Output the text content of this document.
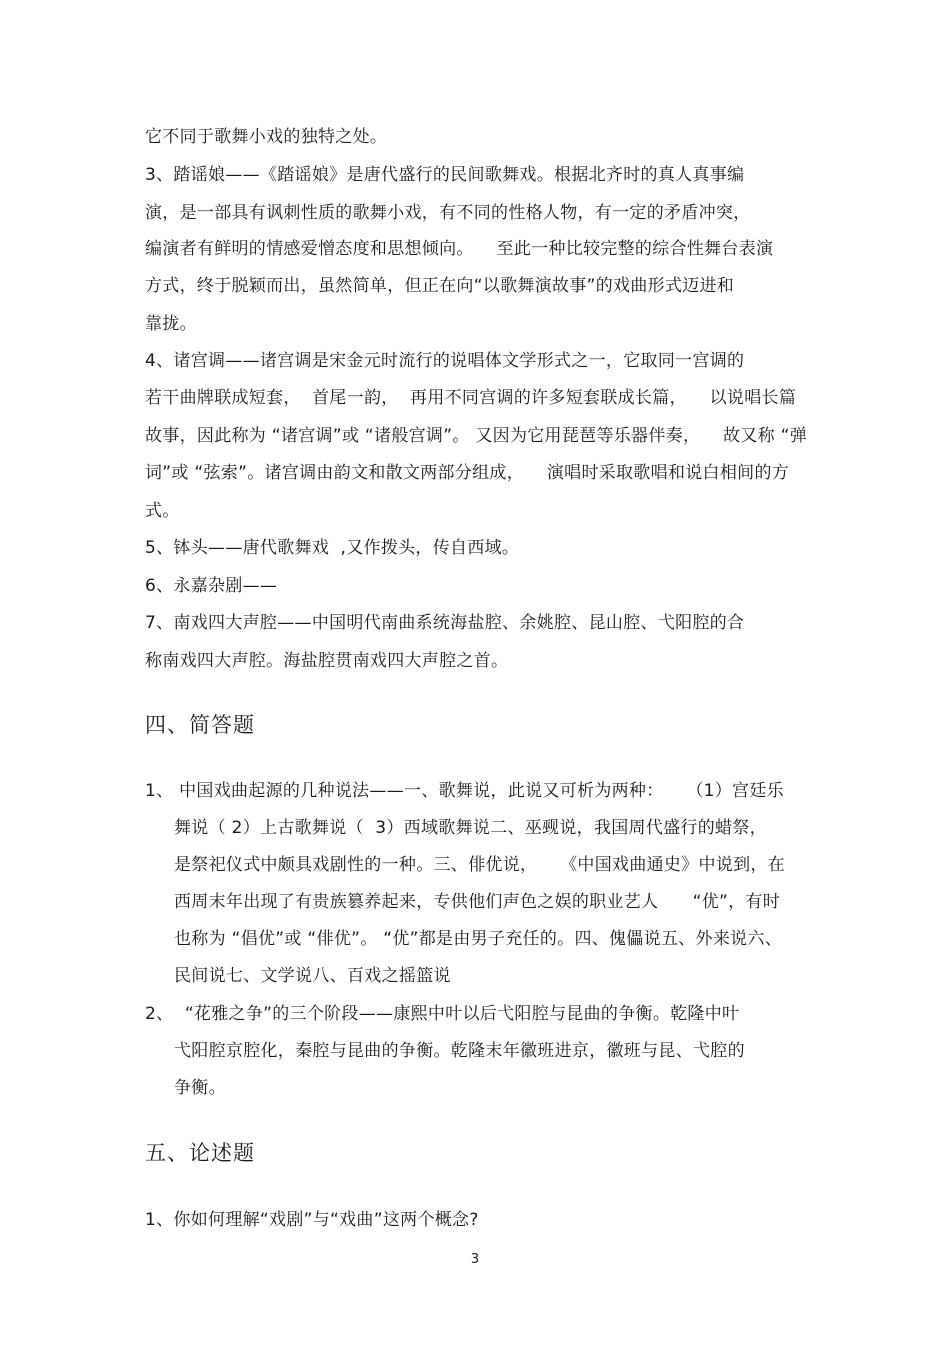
它不同于歌舞小戏的独特之处。
3、踏谣娘——《踏谣娘》是唐代盛行的民间歌舞戏。根据北齐时的真人真事编
演，是一部具有讽刺性质的歌舞小戏，有不同的性格人物，有一定的矛盾冲突，
编演者有鲜明的情感爱憎态度和思想倾向。    至此一种比较完整的综合性舞台表演
方式，终于脱颖而出，虽然简单，但正在向“以歌舞演故事”的戏曲形式迈进和
靠拢。
4、诸宫调——诸宫调是宋金元时流行的说唱体文学形式之一，它取同一宫调的
若干曲牌联成短套，  首尾一韵，  再用不同宫调的许多短套联成长篇，    以说唱长篇
故事，因此称为 “诸宫调”或 “诸般宫调”。 又因为它用琵琶等乐器伴奏，    故又称 “弹
词”或 “弦索”。诸宫调由韵文和散文两部分组成，    演唱时采取歌唱和说白相间的方
式。
5、钵头——唐代歌舞戏  ,又作拨头，传自西域。
6、永嘉杂剧——
7、南戏四大声腔——中国明代南曲系统海盐腔、余姚腔、昆山腔、弋阳腔的合
称南戏四大声腔。海盐腔贯南戏四大声腔之首。
四、简答题
1、 中国戏曲起源的几种说法——一、歌舞说，此说又可析为两种：    （1）宫廷乐
舞说（ 2）上古歌舞说（  3）西域歌舞说二、巫觋说，我国周代盛行的蜡祭，
是祭祀仪式中颇具戏剧性的一种。三、俳优说，    《中国戏曲通史》中说到，在
西周末年出现了有贵族篡养起来，专供他们声色之娱的职业艺人      “优”，有时
也称为 “倡优”或 “俳优”。 “优”都是由男子充任的。四、傀儡说五、外来说六、
民间说七、文学说八、百戏之摇篮说
2、  “花雅之争”的三个阶段——康熙中叶以后弋阳腔与昆曲的争衡。乾隆中叶
弋阳腔京腔化，秦腔与昆曲的争衡。乾隆末年徽班进京，徽班与昆、弋腔的
争衡。
五、论述题
1、你如何理解“戏剧”与“戏曲”这两个概念?
3
